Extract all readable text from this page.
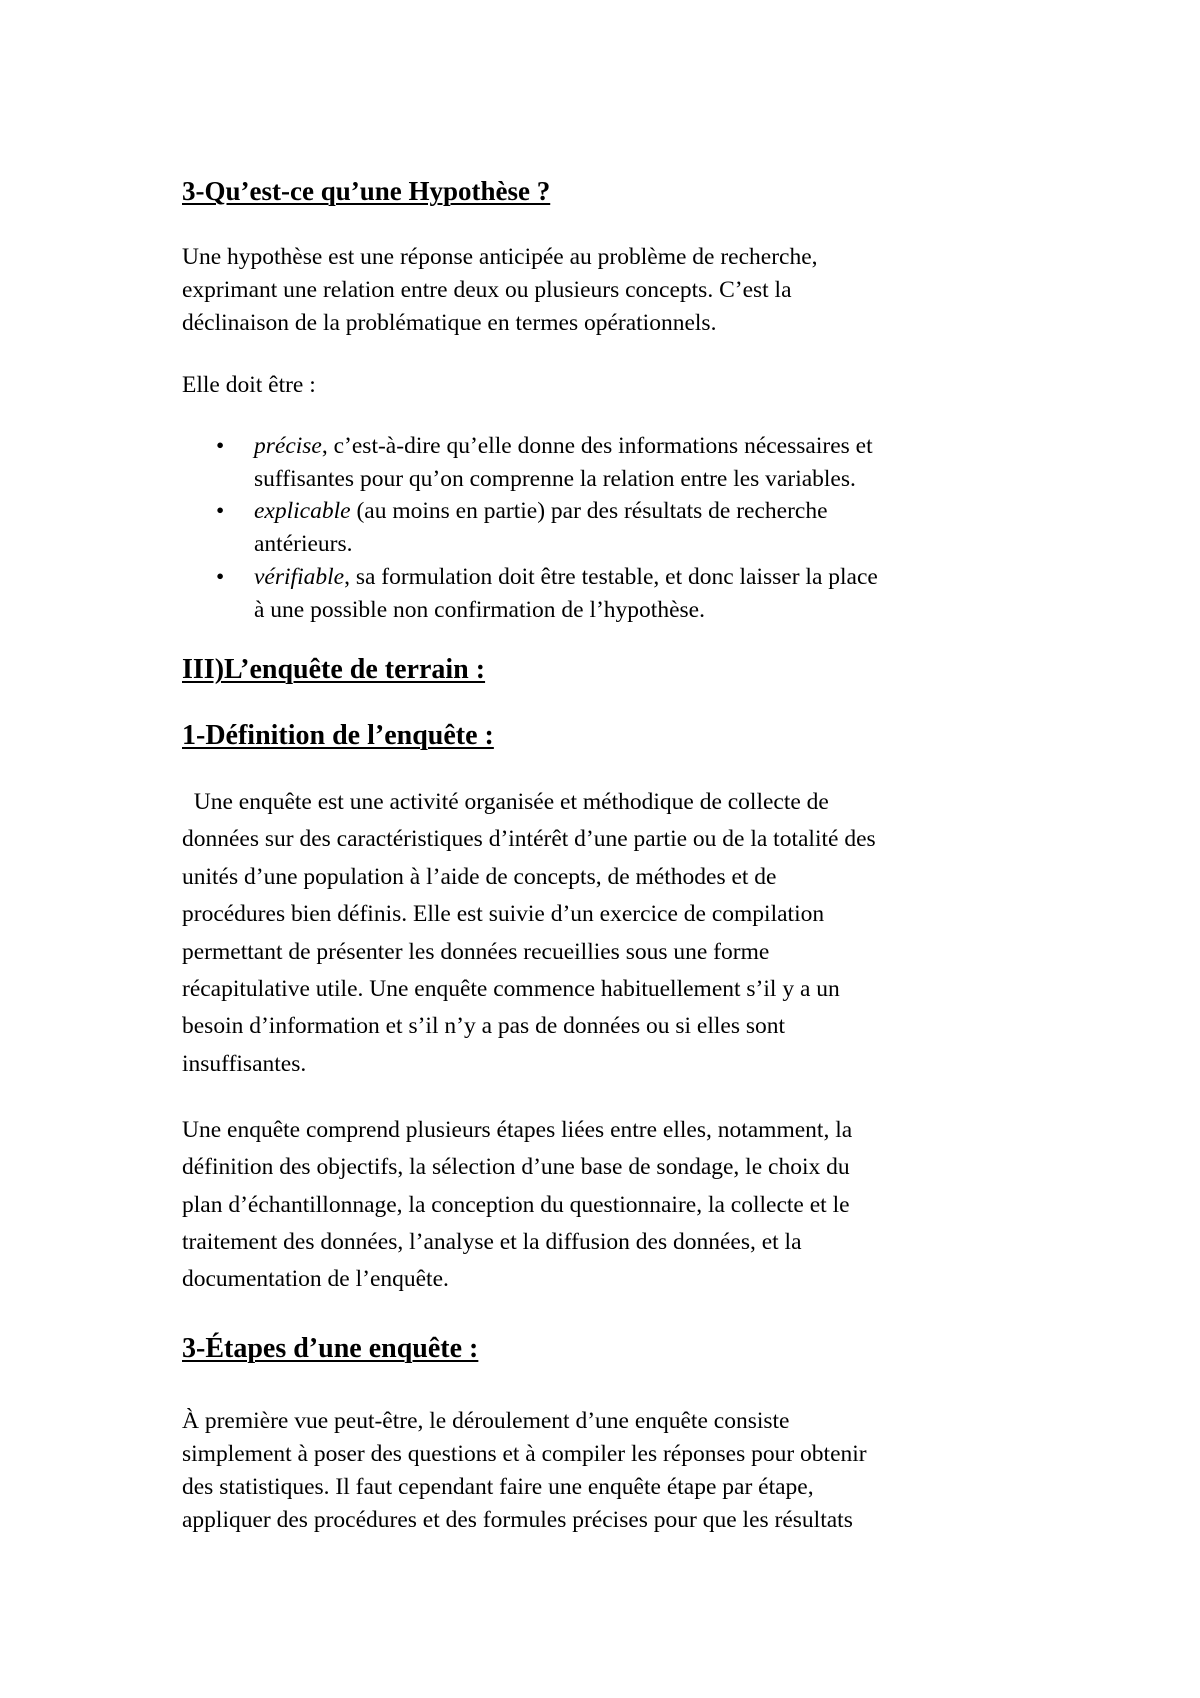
3-Qu’est-ce qu’une Hypothèse ?

Une hypothèse est une réponse anticipée au problème de recherche,

exprimant une relation entre deux ou plusieurs concepts. C’est la

déclinaison de la problématique en termes opérationnels.

Elle doit être :

• précise, c’est-à-dire qu’elle donne des informations nécessaires et

suffisantes pour qu’on comprenne la relation entre les variables.

• explicable (au moins en partie) par des résultats de recherche

antérieurs.

• vérifiable, sa formulation doit être testable, et donc laisser la place

à une possible non confirmation de l’hypothèse.

III)L’enquête de terrain :

1-Définition de l’enquête :

Une enquête est une activité organisée et méthodique de collecte de

données sur des caractéristiques d’intérêt d’une partie ou de la totalité des

unités d’une population à l’aide de concepts, de méthodes et de

procédures bien définis. Elle est suivie d’un exercice de compilation

permettant de présenter les données recueillies sous une forme

récapitulative utile. Une enquête commence habituellement s’il y a un

besoin d’information et s’il n’y a pas de données ou si elles sont

insuffisantes.

Une enquête comprend plusieurs étapes liées entre elles, notamment, la

définition des objectifs, la sélection d’une base de sondage, le choix du

plan d’échantillonnage, la conception du questionnaire, la collecte et le

traitement des données, l’analyse et la diffusion des données, et la

documentation de l’enquête.

3-Étapes d’une enquête :

À première vue peut-être, le déroulement d’une enquête consiste

simplement à poser des questions et à compiler les réponses pour obtenir

des statistiques. Il faut cependant faire une enquête étape par étape,

appliquer des procédures et des formules précises pour que les résultats
